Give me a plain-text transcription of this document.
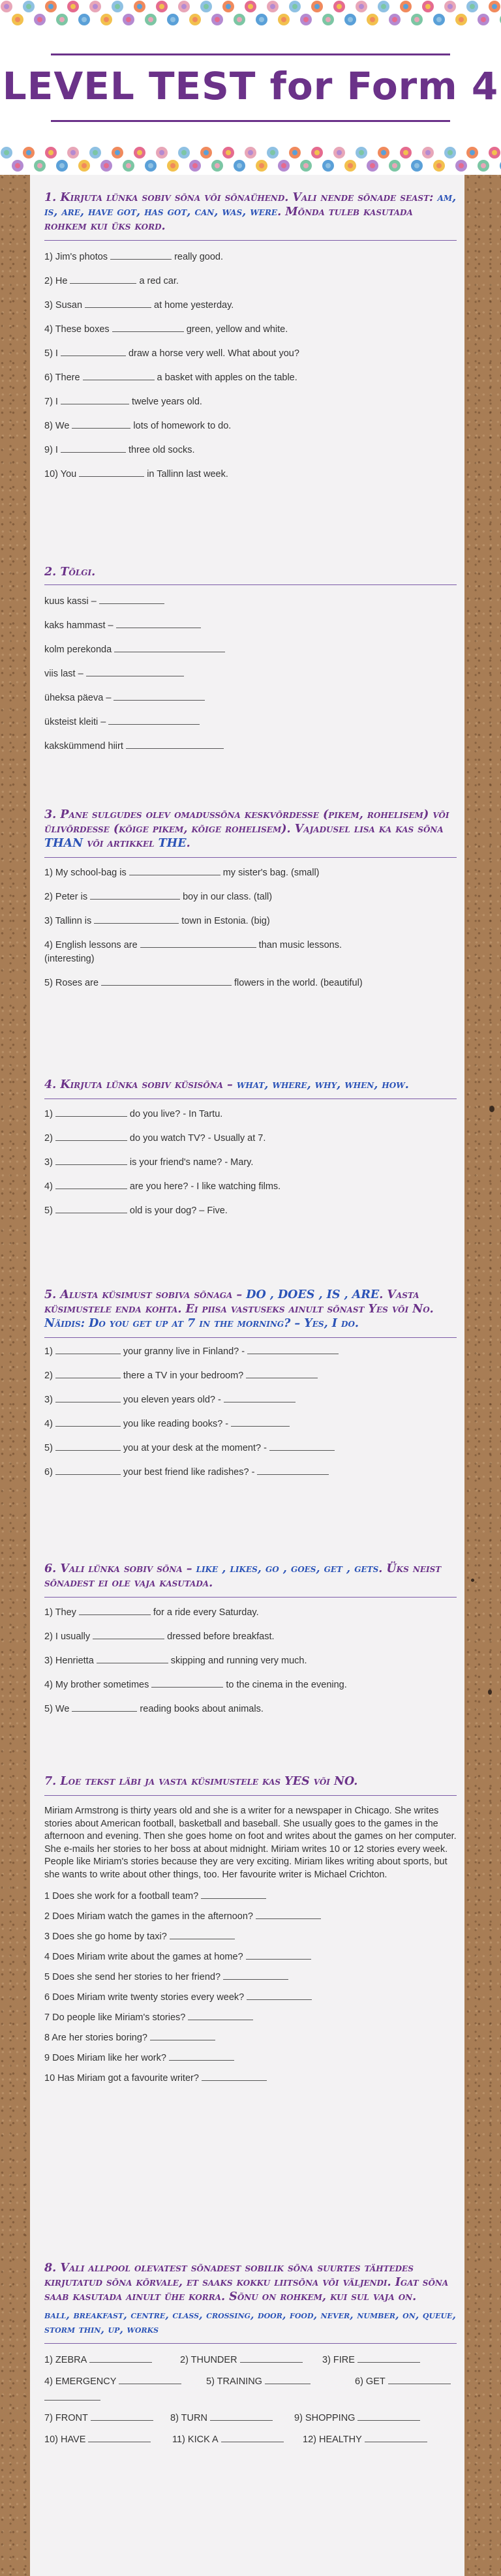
LEVEL TEST for Form 4
1. Kirjuta lünka sobiv sõna või sõnaühend. Vali nende sõnade seast: am, is, are, have got, has got, can, was, were. Mõnda tuleb kasutada rohkem kui üks kord.
1) Jim's photos	really good.
2) He	a red car.
3) Susan	at home yesterday.
4) These boxes	green, yellow and white.
5) I	draw a horse very well. What about you?
6) There	a basket with apples on the table.
7) I	twelve years old.
8) We	lots of homework to do.
9) I	three old socks.
10) You	in Tallinn last week.
2. Tõlgi.
kuus kassi –
kaks hammast –
kolm perekonda
viis last –
üheksa päeva –
üksteist kleiti –
kakskümmend hiirt
3. Pane sulgudes olev omadussõna keskvõrdesse (pikem, rohelisem) või ülivõrdesse (kõige pikem, kõige rohelisem). Vajadusel lisa ka kas sõna THAN või artikkel THE.
1) My school-bag is	my sister's bag. (small)
2) Peter is	boy in our class. (tall)
3) Tallinn is	town in Estonia. (big)
4) English lessons are	than music lessons.
(interesting)
5) Roses are	flowers in the world. (beautiful)
4. Kirjuta lünka sobiv küsisõna – what, where, why, when, how.
1)	do you live? - In Tartu.
2)	do you watch TV? - Usually at 7.
3)	is your friend's name? - Mary.
4)	are you here? - I like watching films.
5)	old is your dog? – Five.
5. Alusta küsimust sobiva sõnaga – DO , DOES , IS , ARE. Vasta küsimustele enda kohta. Ei piisa vastuseks ainult sõnast Yes või No. Näidis: Do you get up at 7 in the morning? – Yes, I do.
1)	your granny live in Finland? -
2)	there a TV in your bedroom?
3)	you eleven years old? -
4)	you like reading books? -
5)	you at your desk at the moment? -
6)	your best friend like radishes? -
6. Vali lünka sobiv sõna – like , likes, go , goes, get , gets. Üks neist sõnadest ei ole vaja kasutada.
1) They	for a ride every Saturday.
2) I usually	dressed before breakfast.
3) Henrietta	skipping and running very much.
4) My brother sometimes	to the cinema in the evening.
5) We	reading books about animals.
7. Loe tekst läbi ja vasta küsimustele kas YES või NO.
Miriam Armstrong is thirty years old and she is a writer for a newspaper in Chicago. She writes stories about American football, basketball and baseball. She usually goes to the games in the afternoon and evening. Then she goes home on foot and writes about the games on her computer. She e-mails her stories to her boss at about midnight. Miriam writes 10 or 12 stories every week. People like Miriam's stories because they are very exciting. Miriam likes writing about sports, but she wants to write about other things, too. Her favourite writer is Michael Crichton.
1 Does she work for a football team?
2 Does Miriam watch the games in the afternoon?
3 Does she go home by taxi?
4 Does Miriam write about the games at home?
5 Does she send her stories to her friend?
6 Does Miriam write twenty stories every week?
7 Do people like Miriam's stories?
8 Are her stories boring?
9 Does Miriam like her work?
10 Has Miriam got a favourite writer?
8. Vali allpool olevatest sõnadest sobilik sõna suurtes tähtedes kirjutatud sõna kõrvale, et saaks kokku liitsõna või väljendi. Igat sõna saab kasutada ainult ühe korra. Sõnu on rohkem, kui sul vaja on.
ball, breakfast, centre, class, crossing, door, food, never, number, on, queue, storm thin, up, works
1) ZEBRA	2) THUNDER	3) FIRE
4) EMERGENCY	5) TRAINING	6) GET
7) FRONT	8) TURN	9) SHOPPING
10) HAVE	11) KICK A	12) HEALTHY
